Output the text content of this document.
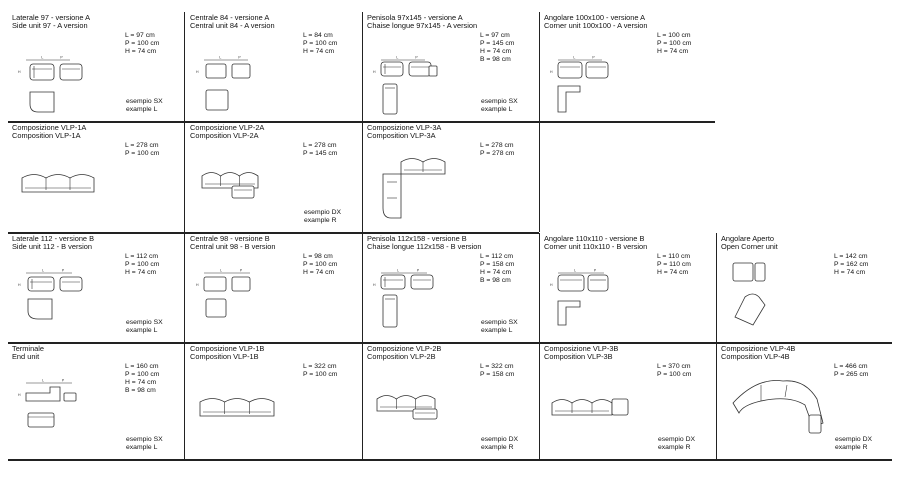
Laterale 97 - versione A
Side unit 97 - A version
L = 97 cm
P = 100 cm
H = 74 cm
esempio SX
example L
L	P
H
Centrale 84 - versione A
Central unit 84 - A version
L = 84 cm
P = 100 cm
H = 74 cm
L	P
H
Penisola 97x145 - versione A
Chaise longue 97x145 - A version
L = 97 cm
P = 145 cm
H = 74 cm
B = 98 cm
esempio SX
example L
L	P
H
Angolare 100x100 - versione A
Corner unit 100x100 - A version
L = 100 cm
P = 100 cm
H = 74 cm
L	P
H
Composizione VLP-1A
Composition VLP-1A
L = 278 cm
P = 100 cm
Composizione VLP-2A
Composition VLP-2A
L = 278 cm
P = 145 cm
esempio DX
example R
Composizione VLP-3A
Composition VLP-3A
L = 278 cm
P = 278 cm
Laterale 112 - versione B
Side unit 112 - B version
L = 112 cm
P = 100 cm
H = 74 cm
esempio SX
example L
L	P
H
Centrale 98 - versione B
Central unit 98 - B version
L = 98 cm
P = 100 cm
H = 74 cm
L	P
H
Penisola 112x158 - versione B
Chaise longue 112x158 - B version
L = 112 cm
P = 158 cm
H = 74 cm
B = 98 cm
esempio SX
example L
L	P
H
Angolare 110x110 - versione B
Corner unit 110x110 - B version
L = 110 cm
P = 110 cm
H = 74 cm
L	P
H
Angolare Aperto
Open Corner unit
L = 142 cm
P = 162 cm
H = 74 cm
Terminale
End unit
L = 160 cm
P = 100 cm
H = 74 cm
B = 98 cm
esempio SX
example L
L	P
H
Composizione VLP-1B
Composition VLP-1B
L = 322 cm
P = 100 cm
Composizione VLP-2B
Composition VLP-2B
L = 322 cm
P = 158 cm
esempio DX
example R
Composizione VLP-3B
Composition VLP-3B
L = 370 cm
P = 100 cm
esempio DX
example R
Composizione VLP-4B
Composition VLP-4B
L = 466 cm
P = 265 cm
esempio DX
example R
